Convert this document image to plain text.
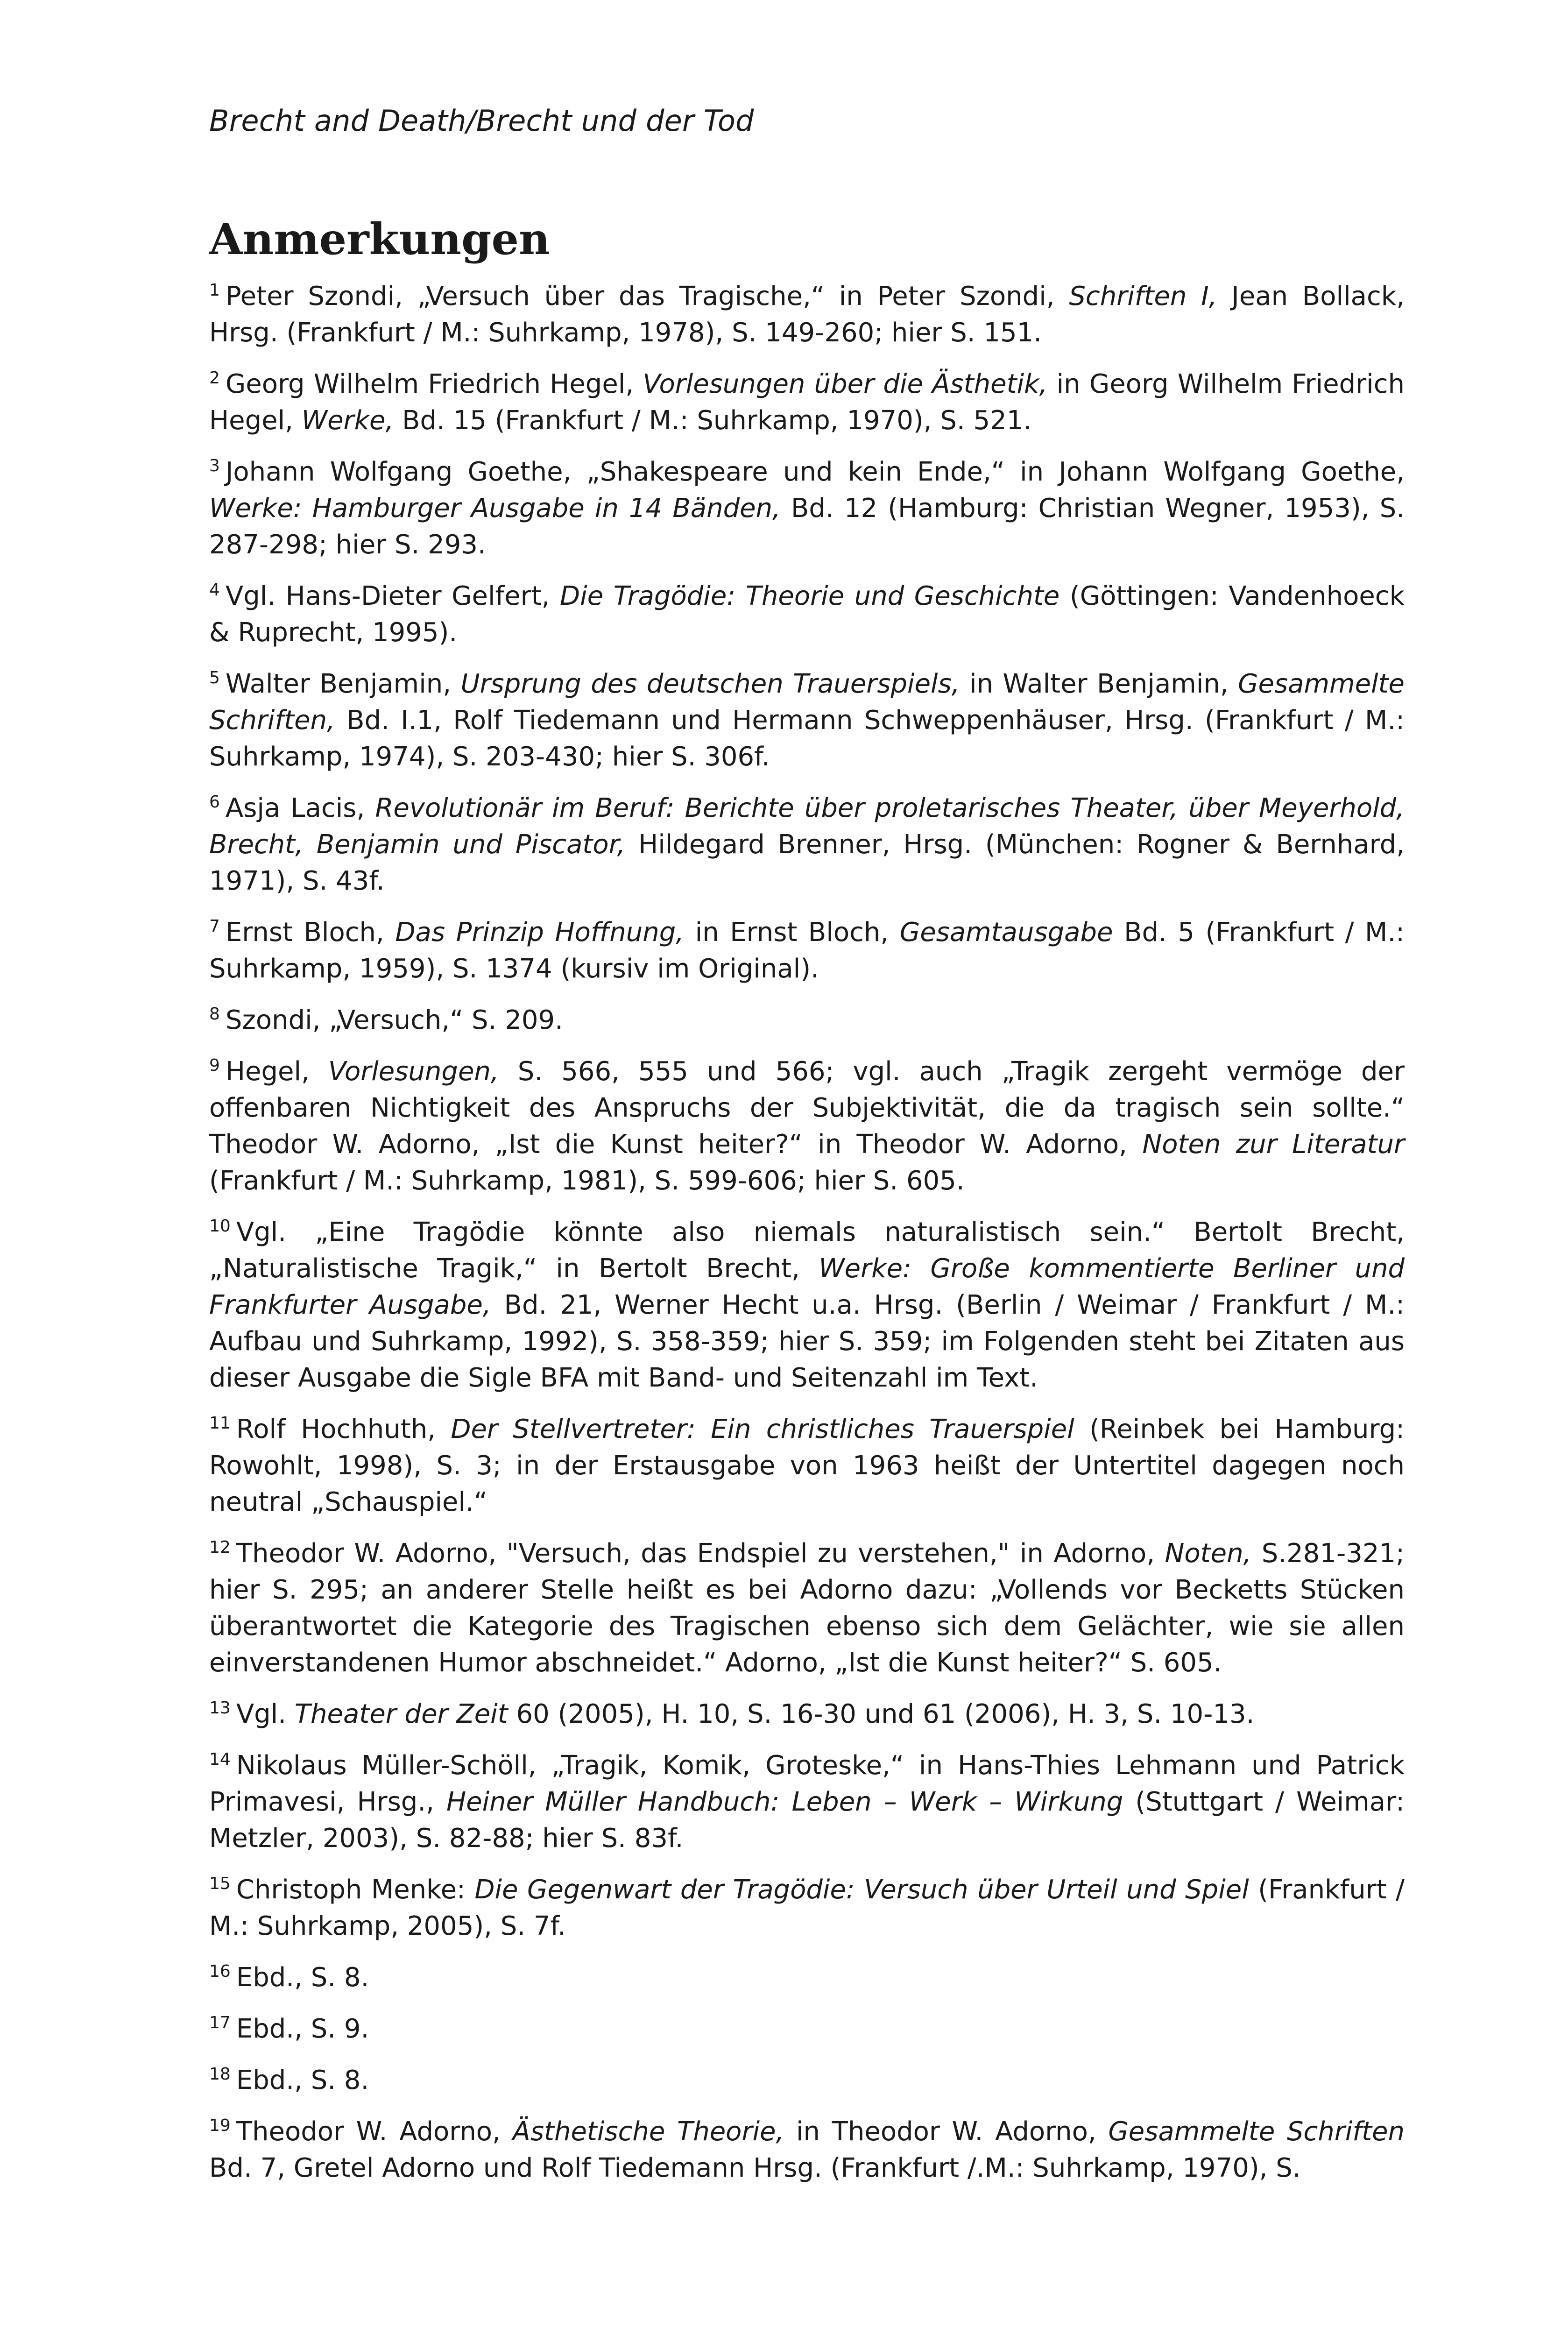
Brecht and Death/Brecht und der Tod
Anmerkungen

$^1$ Peter Szondi, „Versuch über das Tragische,“ in Peter Szondi, Schriften I, Jean Bollack, Hrsg. (Frankfurt / M.: Suhrkamp, 1978), S. 149-260; hier S. 151.

$^2$ Georg Wilhelm Friedrich Hegel, Vorlesungen über die Ästhetik, in Georg Wilhelm Friedrich Hegel, Werke, Bd. 15 (Frankfurt / M.: Suhrkamp, 1970), S. 521.

$^3$ Johann Wolfgang Goethe, „Shakespeare und kein Ende,“ in Johann Wolfgang Goethe, Werke: Hamburger Ausgabe in 14 Bänden, Bd. 12 (Hamburg: Christian Wegner, 1953), S. 287-298; hier S. 293.

$^4$ Vgl. Hans-Dieter Gelfert, Die Tragödie: Theorie und Geschichte (Göttingen: Vandenhoeck & Ruprecht, 1995).

$^5$ Walter Benjamin, Ursprung des deutschen Trauerspiels, in Walter Benjamin, Gesammelte Schriften, Bd. I.1, Rolf Tiedemann und Hermann Schweppenhäuser, Hrsg. (Frankfurt / M.: Suhrkamp, 1974), S. 203-430; hier S. 306f.

$^6$ Asja Lacis, Revolutionär im Beruf: Berichte über proletarisches Theater, über Meyerhold, Brecht, Benjamin und Piscator, Hildegard Brenner, Hrsg. (München: Rogner & Bernhard, 1971), S. 43f.

$^7$ Ernst Bloch, Das Prinzip Hoffnung, in Ernst Bloch, Gesamtausgabe Bd. 5 (Frankfurt / M.: Suhrkamp, 1959), S. 1374 (kursiv im Original).

$^8$ Szondi, „Versuch,“ S. 209.

$^9$ Hegel, Vorlesungen, S. 566, 555 und 566; vgl. auch „Tragik zergeht vermöge der offenbaren Nichtigkeit des Anspruchs der Subjektivität, die da tragisch sein sollte.“ Theodor W. Adorno, „Ist die Kunst heiter?“ in Theodor W. Adorno, Noten zur Literatur (Frankfurt / M.: Suhrkamp, 1981), S. 599-606; hier S. 605.

$^{10}$ Vgl. „Eine Tragödie könnte also niemals naturalistisch sein.“ Bertolt Brecht, „Naturalistische Tragik,“ in Bertolt Brecht, Werke: Große kommentierte Berliner und Frankfurter Ausgabe, Bd. 21, Werner Hecht u.a. Hrsg. (Berlin / Weimar / Frankfurt / M.: Aufbau und Suhrkamp, 1992), S. 358-359; hier S. 359; im Folgenden steht bei Zitaten aus dieser Ausgabe die Sigle BFA mit Band- und Seitenzahl im Text.

$^{11}$ Rolf Hochhuth, Der Stellvertreter: Ein christliches Trauerspiel (Reinbek bei Hamburg: Rowohlt, 1998), S. 3; in der Erstausgabe von 1963 heißt der Untertitel dagegen noch neutral „Schauspiel.“

$^{12}$ Theodor W. Adorno, "Versuch, das Endspiel zu verstehen," in Adorno, Noten, S.281-321; hier S. 295; an anderer Stelle heißt es bei Adorno dazu: „Vollends vor Becketts Stücken überantwortet die Kategorie des Tragischen ebenso sich dem Gelächter, wie sie allen einverstandenen Humor abschneidet.“ Adorno, „Ist die Kunst heiter?“ S. 605.

$^{13}$ Vgl. Theater der Zeit 60 (2005), H. 10, S. 16-30 und 61 (2006), H. 3, S. 10-13.

$^{14}$ Nikolaus Müller-Schöll, „Tragik, Komik, Groteske,“ in Hans-Thies Lehmann und Patrick Primavesi, Hrsg., Heiner Müller Handbuch: Leben – Werk – Wirkung (Stuttgart / Weimar: Metzler, 2003), S. 82-88; hier S. 83f.

$^{15}$ Christoph Menke: Die Gegenwart der Tragödie: Versuch über Urteil und Spiel (Frankfurt / M.: Suhrkamp, 2005), S. 7f.

$^{16}$ Ebd., S. 8.

$^{17}$ Ebd., S. 9.

$^{18}$ Ebd., S. 8.

$^{19}$ Theodor W. Adorno, Ästhetische Theorie, in Theodor W. Adorno, Gesammelte Schriften Bd. 7, Gretel Adorno und Rolf Tiedemann Hrsg. (Frankfurt /.M.: Suhrkamp, 1970), S.
